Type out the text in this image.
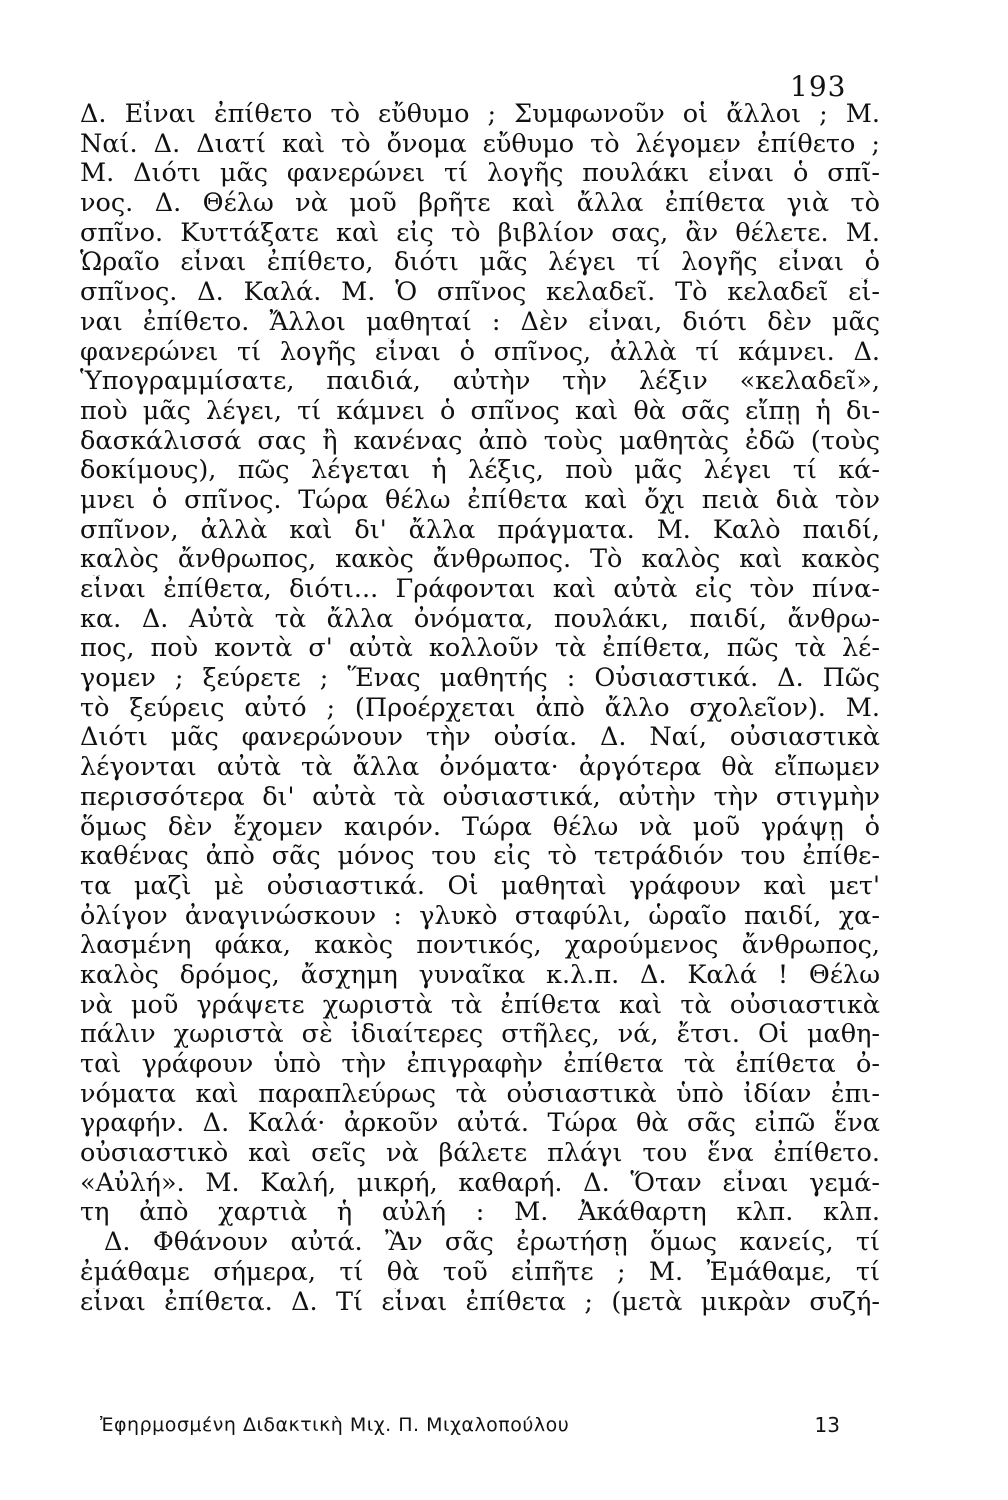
193
Δ. Εἶναι ἐπίθετο τὸ εὔθυμο ; Συμφωνοῦν οἱ ἄλλοι ; Μ.
Ναί. Δ. Διατί καὶ τὸ ὄνομα εὔθυμο τὸ λέγομεν ἐπίθετο ;
Μ. Διότι μᾶς φανερώνει τί λογῆς πουλάκι εἶναι ὁ σπῖ-
νος. Δ. Θέλω νὰ μοῦ βρῆτε καὶ ἄλλα ἐπίθετα γιὰ τὸ
σπῖνο. Κυττάξατε καὶ εἰς τὸ βιβλίον σας, ἂν θέλετε. Μ.
Ὡραῖο εἶναι ἐπίθετο, διότι μᾶς λέγει τί λογῆς εἶναι ὁ
σπῖνος. Δ. Καλά. Μ. Ὁ σπῖνος κελαδεῖ. Τὸ κελαδεῖ εἶ-
ναι ἐπίθετο. Ἄλλοι μαθηταί : Δὲν εἶναι, διότι δὲν μᾶς
φανερώνει τί λογῆς εἶναι ὁ σπῖνος, ἀλλὰ τί κάμνει. Δ.
Ὑπογραμμίσατε, παιδιά, αὐτὴν τὴν λέξιν «κελαδεῖ»,
ποὺ μᾶς λέγει, τί κάμνει ὁ σπῖνος καὶ θὰ σᾶς εἴπῃ ἡ δι-
δασκάλισσά σας ἢ κανένας ἀπὸ τοὺς μαθητὰς ἐδῶ (τοὺς
δοκίμους), πῶς λέγεται ἡ λέξις, ποὺ μᾶς λέγει τί κά-
μνει ὁ σπῖνος. Τώρα θέλω ἐπίθετα καὶ ὄχι πειὰ διὰ τὸν
σπῖνον, ἀλλὰ καὶ δι' ἄλλα πράγματα. Μ. Καλὸ παιδί,
καλὸς ἄνθρωπος, κακὸς ἄνθρωπος. Τὸ καλὸς καὶ κακὸς
εἶναι ἐπίθετα, διότι... Γράφονται καὶ αὐτὰ εἰς τὸν πίνα-
κα. Δ. Αὐτὰ τὰ ἄλλα ὀνόματα, πουλάκι, παιδί, ἄνθρω-
πος, ποὺ κοντὰ σ' αὐτὰ κολλοῦν τὰ ἐπίθετα, πῶς τὰ λέ-
γομεν ; ξεύρετε ; Ἕνας μαθητής : Οὐσιαστικά. Δ. Πῶς
τὸ ξεύρεις αὐτό ; (Προέρχεται ἀπὸ ἄλλο σχολεῖον). Μ.
Διότι μᾶς φανερώνουν τὴν οὐσία. Δ. Ναί, οὐσιαστικὰ
λέγονται αὐτὰ τὰ ἄλλα ὀνόματα· ἀργότερα θὰ εἴπωμεν
περισσότερα δι' αὐτὰ τὰ οὐσιαστικά, αὐτὴν τὴν στιγμὴν
ὅμως δὲν ἔχομεν καιρόν. Τώρα θέλω νὰ μοῦ γράψῃ ὁ
καθένας ἀπὸ σᾶς μόνος του εἰς τὸ τετράδιόν του ἐπίθε-
τα μαζὶ μὲ οὐσιαστικά. Οἱ μαθηταὶ γράφουν καὶ μετ'
ὀλίγον ἀναγινώσκουν : γλυκὸ σταφύλι, ὡραῖο παιδί, χα-
λασμένη φάκα, κακὸς ποντικός, χαρούμενος ἄνθρωπος,
καλὸς δρόμος, ἄσχημη γυναῖκα κ.λ.π. Δ. Καλά ! Θέλω
νὰ μοῦ γράψετε χωριστὰ τὰ ἐπίθετα καὶ τὰ οὐσιαστικὰ
πάλιν χωριστὰ σὲ ἰδιαίτερες στῆλες, νά, ἔτσι. Οἱ μαθη-
ταὶ γράφουν ὑπὸ τὴν ἐπιγραφὴν ἐπίθετα τὰ ἐπίθετα ὀ-
νόματα καὶ παραπλεύρως τὰ οὐσιαστικὰ ὑπὸ ἰδίαν ἐπι-
γραφήν. Δ. Καλά· ἀρκοῦν αὐτά. Τώρα θὰ σᾶς εἰπῶ ἕνα
οὐσιαστικὸ καὶ σεῖς νὰ βάλετε πλάγι του ἕνα ἐπίθετο.
«Αὐλή». Μ. Καλή, μικρή, καθαρή. Δ. Ὅταν εἶναι γεμά-
τη ἀπὸ χαρτιὰ ἡ αὐλή : Μ. Ἀκάθαρτη κλπ. κλπ.
Δ. Φθάνουν αὐτά. Ἂν σᾶς ἐρωτήσῃ ὅμως κανείς, τί
ἐμάθαμε σήμερα, τί θὰ τοῦ εἰπῆτε ; Μ. Ἐμάθαμε, τί
εἶναι ἐπίθετα. Δ. Τί εἶναι ἐπίθετα ; (μετὰ μικρὰν συζή-
Ἐφηρμοσμένη Διδακτικὴ Μιχ. Π. Μιχαλοπούλου	13
